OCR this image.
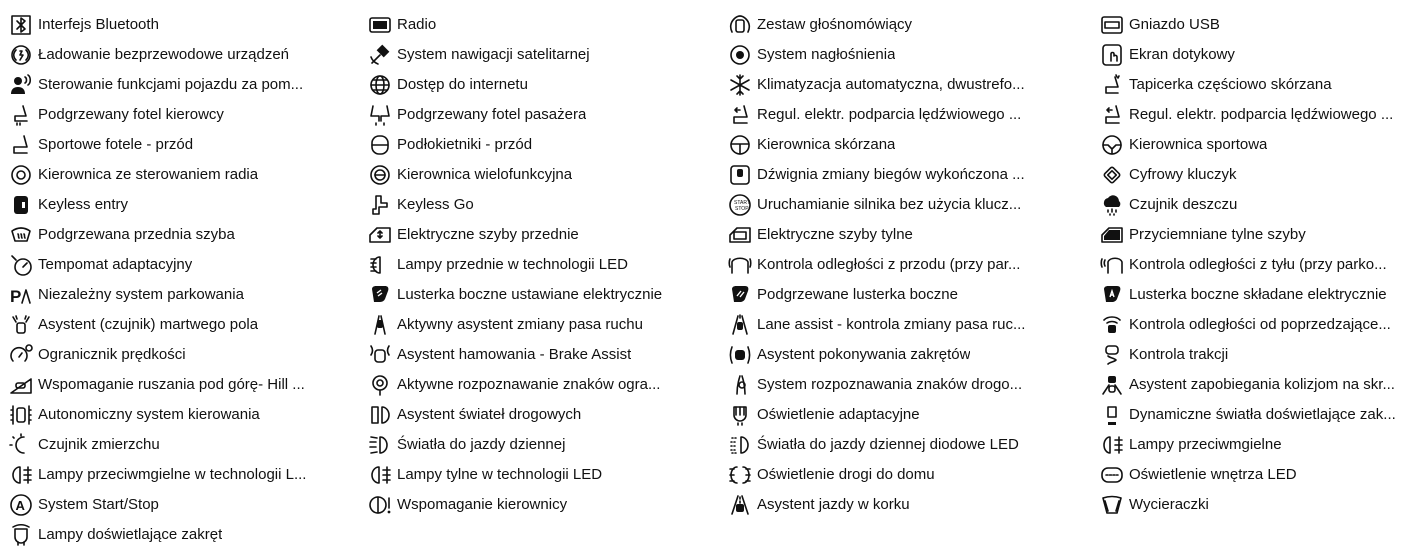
Interfejs Bluetooth
Ładowanie bezprzewodowe urządzeń
Sterowanie funkcjami pojazdu za pom...
Podgrzewany fotel kierowcy
Sportowe fotele - przód
Kierownica ze sterowaniem radia
Keyless entry
Podgrzewana przednia szyba
Tempomat adaptacyjny
P Niezależny system parkowania
Asystent (czujnik) martwego pola
Ogranicznik prędkości
Wspomaganie ruszania pod górę- Hill ...
Autonomiczny system kierowania
Czujnik zmierzchu
Lampy przeciwmgielne w technologii L...
A System Start/Stop
Lampy doświetlające zakręt
Radio
System nawigacji satelitarnej
Dostęp do internetu
Podgrzewany fotel pasażera
Podłokietniki - przód
Kierownica wielofunkcyjna
Keyless Go
Elektryczne szyby przednie
Lampy przednie w technologii LED
Lusterka boczne ustawiane elektrycznie
Aktywny asystent zmiany pasa ruchu
Asystent hamowania - Brake Assist
Aktywne rozpoznawanie znaków ogra...
Asystent świateł drogowych
Światła do jazdy dziennej
Lampy tylne w technologii LED
Wspomaganie kierownicy
Zestaw głośnomówiący
System nagłośnienia
Klimatyzacja automatyczna, dwustrefo...
Regul. elektr. podparcia lędźwiowego ...
Kierownica skórzana
Dźwignia zmiany biegów wykończona ...
START
STOP Uruchamianie silnika bez użycia klucz...
Elektryczne szyby tylne
Kontrola odległości z przodu (przy par...
Podgrzewane lusterka boczne
Lane assist - kontrola zmiany pasa ruc...
Asystent pokonywania zakrętów
System rozpoznawania znaków drogo...
Oświetlenie adaptacyjne
Światła do jazdy dziennej diodowe LED
Oświetlenie drogi do domu
Asystent jazdy w korku
Gniazdo USB
Ekran dotykowy
Tapicerka częściowo skórzana
Regul. elektr. podparcia lędźwiowego ...
Kierownica sportowa
Cyfrowy kluczyk
Czujnik deszczu
Przyciemniane tylne szyby
Kontrola odległości z tyłu (przy parko...
Lusterka boczne składane elektrycznie
Kontrola odległości od poprzedzające...
Kontrola trakcji
Asystent zapobiegania kolizjom na skr...
Dynamiczne światła doświetlające zak...
Lampy przeciwmgielne
Oświetlenie wnętrza LED
Wycieraczki
